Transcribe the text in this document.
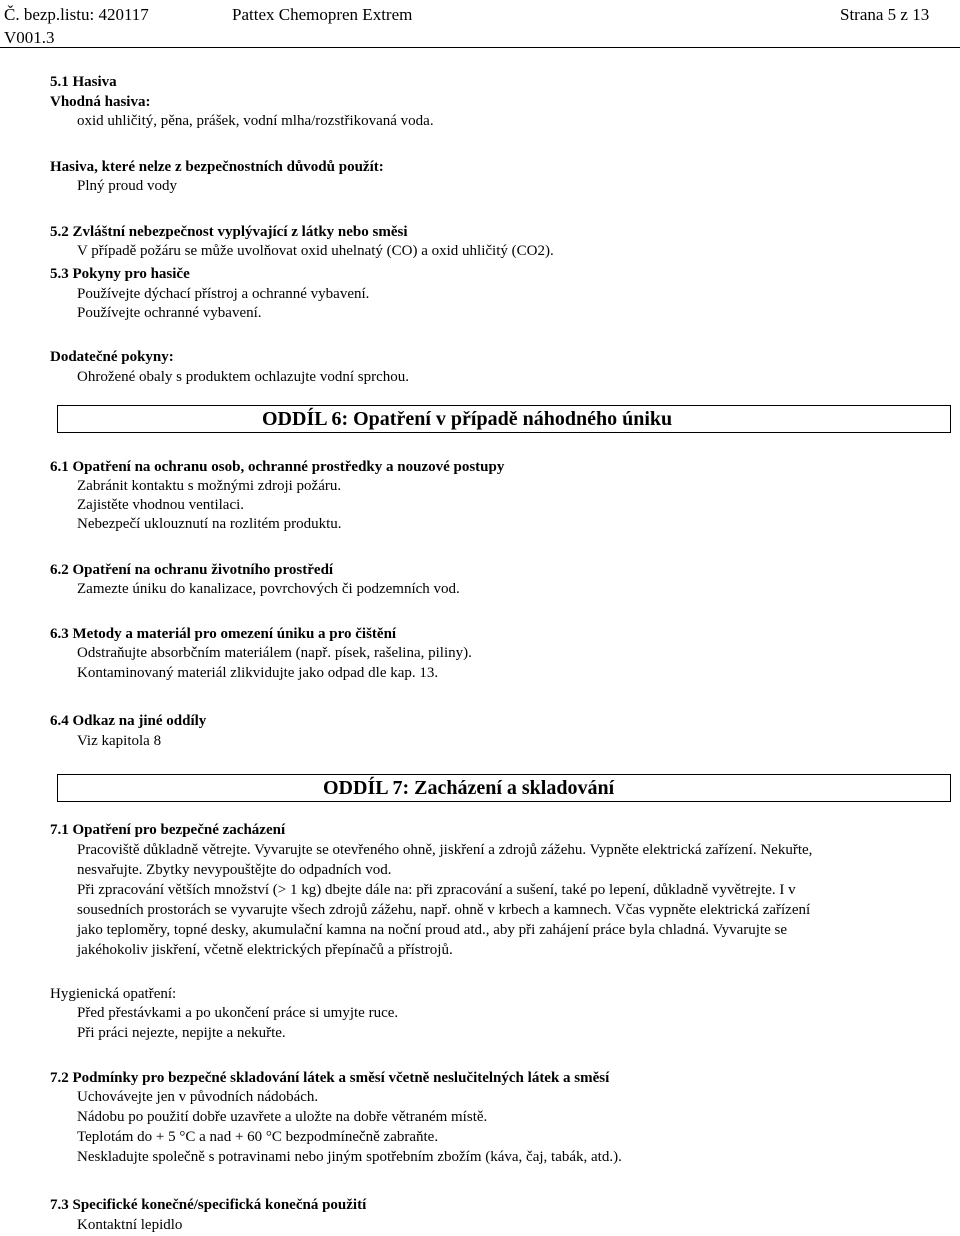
Č. bezp.listu: 420117	Pattex Chemopren Extrem	Strana 5 z 13
V001.3
5.1 Hasiva
Vhodná hasiva:
oxid uhličitý, pěna, prášek, vodní mlha/rozstřikovaná voda.
Hasiva, které nelze z bezpečnostních důvodů použít:
Plný proud vody
5.2 Zvláštní nebezpečnost vyplývající z látky nebo směsi
V případě požáru se může uvolňovat oxid uhelnatý (CO) a oxid uhličitý (CO2).
5.3 Pokyny pro hasiče
Používejte dýchací přístroj a ochranné vybavení.
Používejte ochranné vybavení.
Dodatečné pokyny:
Ohrožené obaly s produktem ochlazujte vodní sprchou.
ODDÍL 6: Opatření v případě náhodného úniku
6.1 Opatření na ochranu osob, ochranné prostředky a nouzové postupy
Zabránit kontaktu s možnými zdroji požáru.
Zajistěte vhodnou ventilaci.
Nebezpečí uklouznutí na rozlitém produktu.
6.2 Opatření na ochranu životního prostředí
Zamezte úniku do kanalizace, povrchových či podzemních vod.
6.3 Metody a materiál pro omezení úniku a pro čištění
Odstraňujte absorbčním materiálem (např. písek, rašelina, piliny).
Kontaminovaný materiál zlikvidujte jako odpad dle kap. 13.
6.4 Odkaz na jiné oddíly
Viz kapitola 8
ODDÍL 7: Zacházení a skladování
7.1 Opatření pro bezpečné zacházení
Pracoviště důkladně větrejte. Vyvarujte se otevřeného ohně, jiskření a zdrojů zážehu. Vypněte elektrická zařízení. Nekuřte,
nesvařujte. Zbytky nevypouštějte do odpadních vod.
Při zpracování větších množství (> 1 kg) dbejte dále na: při zpracování a sušení, také po lepení, důkladně vyvětrejte. I v
sousedních prostorách se vyvarujte všech zdrojů zážehu, např. ohně v krbech a kamnech. Včas vypněte elektrická zařízení
jako teploměry, topné desky, akumulační kamna na noční proud atd., aby při zahájení práce byla chladná. Vyvarujte se
jakéhokoliv jiskření, včetně elektrických přepínačů a přístrojů.
Hygienická opatření:
Před přestávkami a po ukončení práce si umyjte ruce.
Při práci nejezte, nepijte a nekuřte.
7.2 Podmínky pro bezpečné skladování látek a směsí včetně neslučitelných látek a směsí
Uchovávejte jen v původních nádobách.
Nádobu po použití dobře uzavřete a uložte na dobře větraném místě.
Teplotám do + 5 °C a nad + 60 °C bezpodmínečně zabraňte.
Neskladujte společně s potravinami nebo jiným spotřebním zbožím (káva, čaj, tabák, atd.).
7.3 Specifické konečné/specifická konečná použití
Kontaktní lepidlo
